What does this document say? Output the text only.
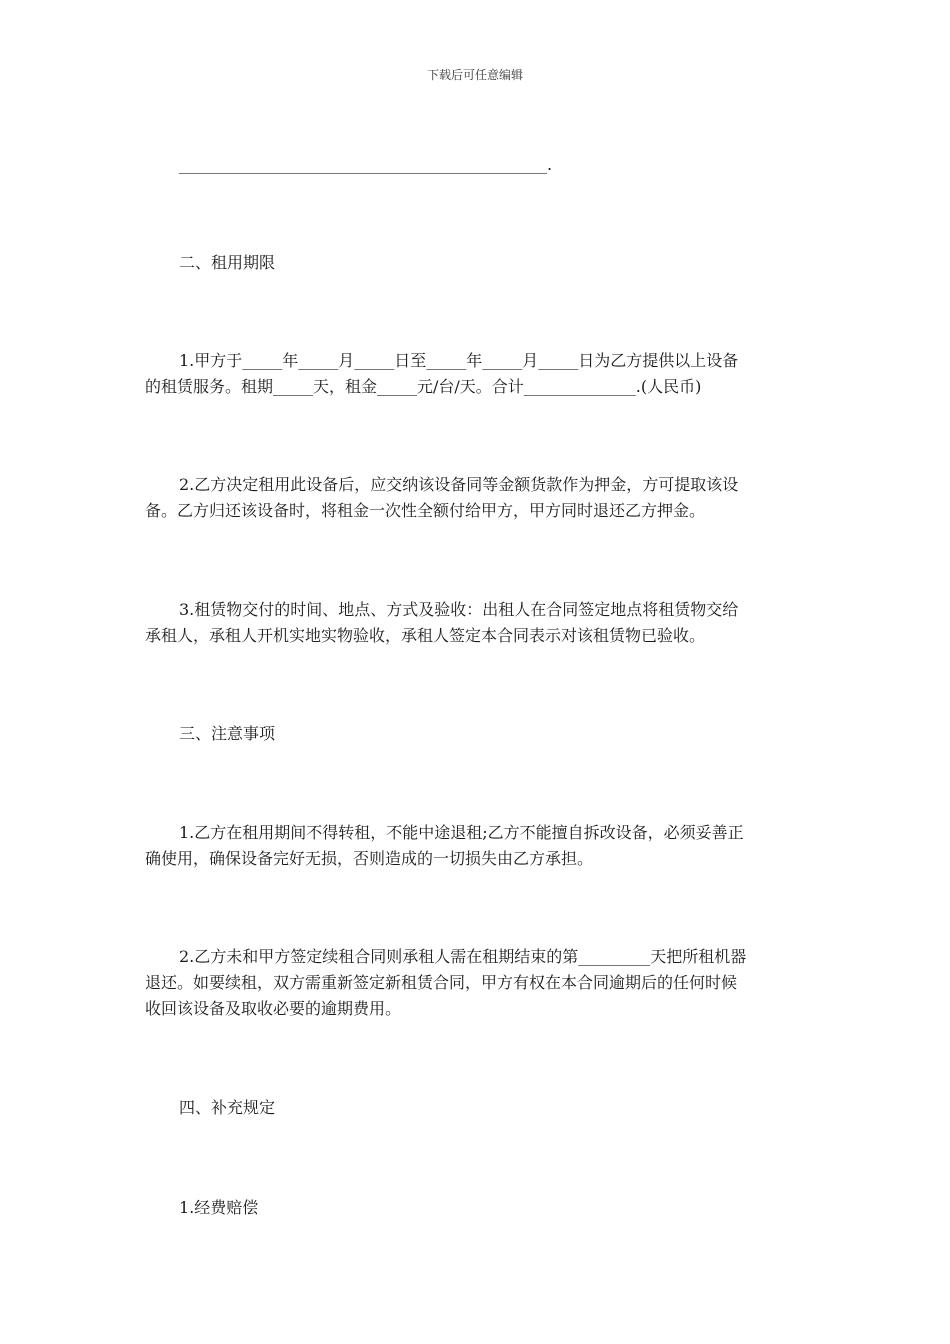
下载后可任意编辑
______________________________________________.
二、租用期限
1.甲方于_____年_____月_____日至_____年_____月_____日为乙方提供以上设备
的租赁服务。租期_____天，租金_____元/台/天。合计______________.(人民币)
2.乙方决定租用此设备后，应交纳该设备同等金额货款作为押金，方可提取该设
备。乙方归还该设备时，将租金一次性全额付给甲方，甲方同时退还乙方押金。
3.租赁物交付的时间、地点、方式及验收：出租人在合同签定地点将租赁物交给
承租人，承租人开机实地实物验收，承租人签定本合同表示对该租赁物已验收。
三、注意事项
1.乙方在租用期间不得转租，不能中途退租;乙方不能擅自拆改设备，必须妥善正
确使用，确保设备完好无损，否则造成的一切损失由乙方承担。
2.乙方未和甲方签定续租合同则承租人需在租期结束的第_________天把所租机器
退还。如要续租，双方需重新签定新租赁合同，甲方有权在本合同逾期后的任何时候
收回该设备及取收必要的逾期费用。
四、补充规定
1.经费赔偿
